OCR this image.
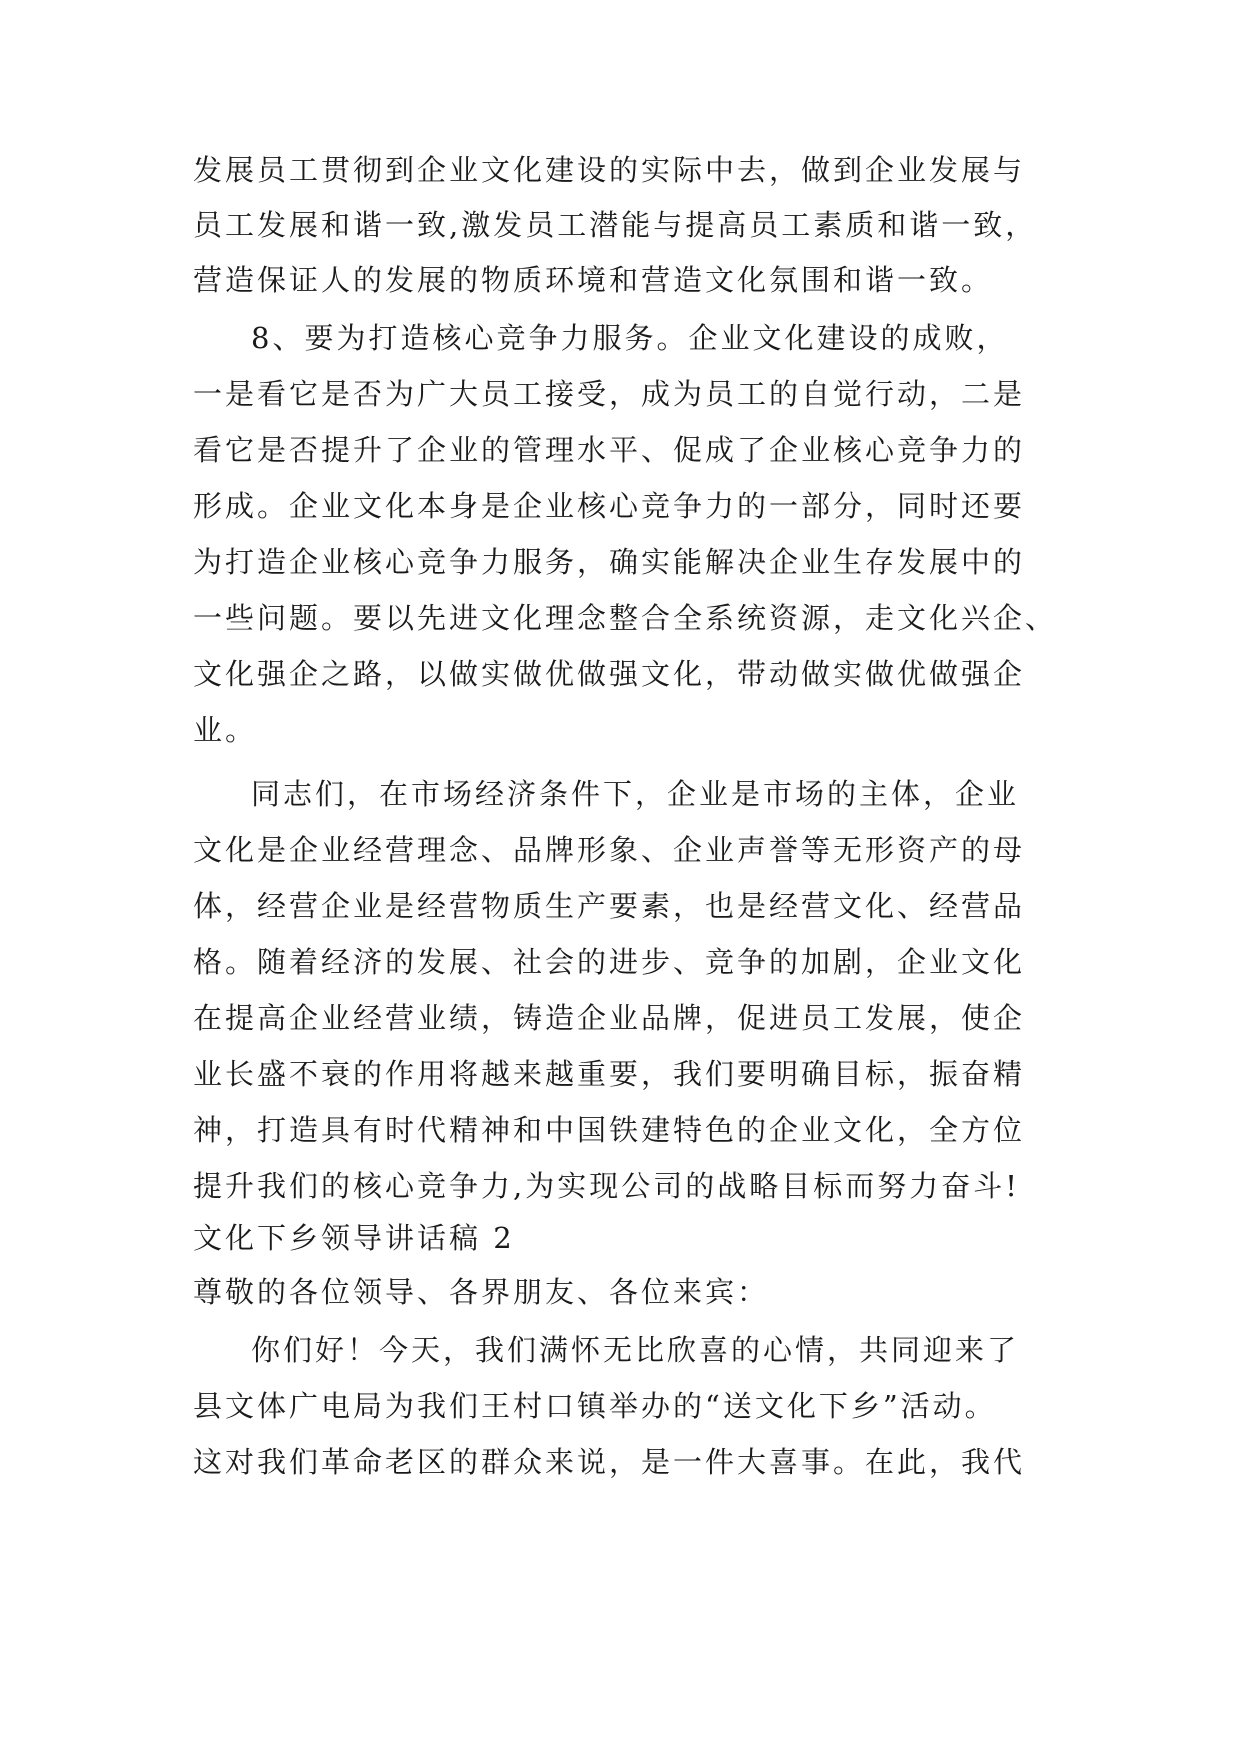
发展员工贯彻到企业文化建设的实际中去，做到企业发展与
员工发展和谐一致,激发员工潜能与提高员工素质和谐一致，
营造保证人的发展的物质环境和营造文化氛围和谐一致。
8、要为打造核心竞争力服务。企业文化建设的成败，
一是看它是否为广大员工接受，成为员工的自觉行动，二是
看它是否提升了企业的管理水平、促成了企业核心竞争力的
形成。企业文化本身是企业核心竞争力的一部分，同时还要
为打造企业核心竞争力服务，确实能解决企业生存发展中的
一些问题。要以先进文化理念整合全系统资源，走文化兴企、
文化强企之路，以做实做优做强文化，带动做实做优做强企
业。
同志们，在市场经济条件下，企业是市场的主体，企业
文化是企业经营理念、品牌形象、企业声誉等无形资产的母
体，经营企业是经营物质生产要素，也是经营文化、经营品
格。随着经济的发展、社会的进步、竞争的加剧，企业文化
在提高企业经营业绩，铸造企业品牌，促进员工发展，使企
业长盛不衰的作用将越来越重要，我们要明确目标，振奋精
神，打造具有时代精神和中国铁建特色的企业文化，全方位
提升我们的核心竞争力,为实现公司的战略目标而努力奋斗!
文化下乡领导讲话稿 2
尊敬的各位领导、各界朋友、各位来宾：
你们好！今天，我们满怀无比欣喜的心情，共同迎来了
县文体广电局为我们王村口镇举办的“送文化下乡”活动。
这对我们革命老区的群众来说，是一件大喜事。在此，我代
